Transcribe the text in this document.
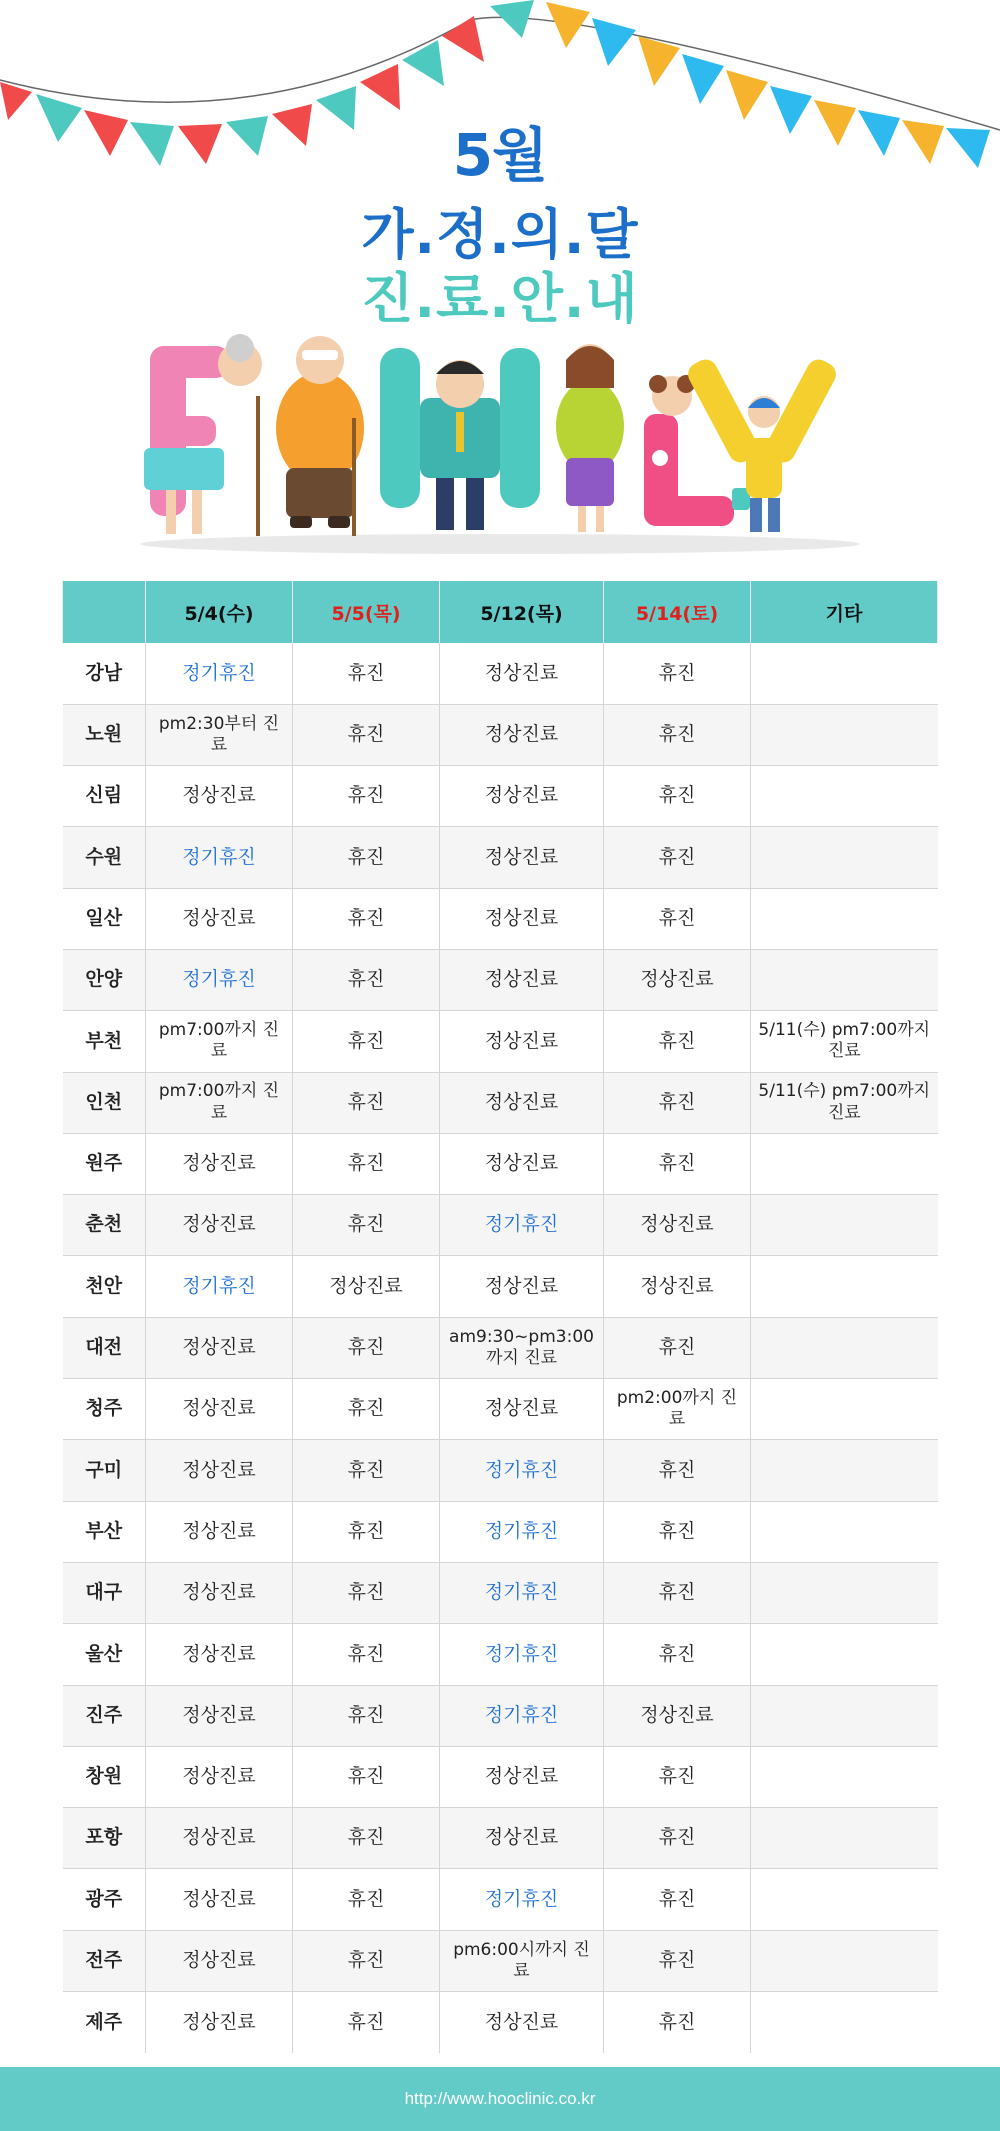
5월
가.정.의.달
진.료.안.내
	5/4(수)	5/5(목)	5/12(목)	5/14(토)	기타
강남	정기휴진	휴진	정상진료	휴진	
노원	pm2:30부터 진료	휴진	정상진료	휴진	
신림	정상진료	휴진	정상진료	휴진	
수원	정기휴진	휴진	정상진료	휴진	
일산	정상진료	휴진	정상진료	휴진	
안양	정기휴진	휴진	정상진료	정상진료	
부천	pm7:00까지 진료	휴진	정상진료	휴진	5/11(수) pm7:00까지 진료
인천	pm7:00까지 진료	휴진	정상진료	휴진	5/11(수) pm7:00까지 진료
원주	정상진료	휴진	정상진료	휴진	
춘천	정상진료	휴진	정기휴진	정상진료	
천안	정기휴진	정상진료	정상진료	정상진료	
대전	정상진료	휴진	am9:30~pm3:00 까지 진료	휴진	
청주	정상진료	휴진	정상진료	pm2:00까지 진료	
구미	정상진료	휴진	정기휴진	휴진	
부산	정상진료	휴진	정기휴진	휴진	
대구	정상진료	휴진	정기휴진	휴진	
울산	정상진료	휴진	정기휴진	휴진	
진주	정상진료	휴진	정기휴진	정상진료	
창원	정상진료	휴진	정상진료	휴진	
포항	정상진료	휴진	정상진료	휴진	
광주	정상진료	휴진	정기휴진	휴진	
전주	정상진료	휴진	pm6:00시까지 진료	휴진	
제주	정상진료	휴진	정상진료	휴진	
http://www.hooclinic.co.kr
